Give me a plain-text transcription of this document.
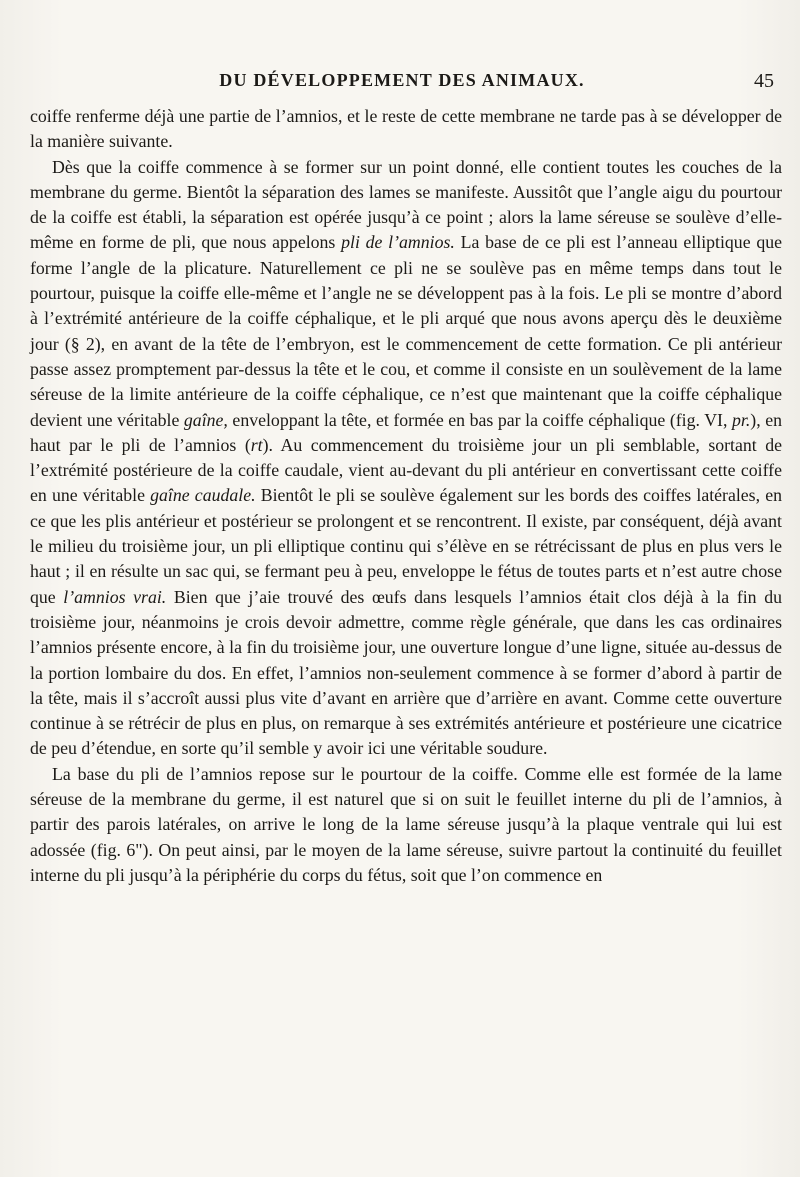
DU DÉVELOPPEMENT DES ANIMAUX.	45

coiffe renferme déjà une partie de l’amnios, et le reste de cette membrane ne tarde pas à se développer de la manière suivante.

Dès que la coiffe commence à se former sur un point donné, elle contient toutes les couches de la membrane du germe. Bientôt la séparation des lames se manifeste. Aussitôt que l’angle aigu du pourtour de la coiffe est établi, la séparation est opérée jusqu’à ce point ; alors la lame séreuse se soulève d’elle-même en forme de pli, que nous appelons pli de l’amnios. La base de ce pli est l’anneau elliptique que forme l’angle de la plicature. Naturellement ce pli ne se soulève pas en même temps dans tout le pourtour, puisque la coiffe elle-même et l’angle ne se développent pas à la fois. Le pli se montre d’abord à l’extrémité antérieure de la coiffe céphalique, et le pli arqué que nous avons aperçu dès le deuxième jour (§ 2), en avant de la tête de l’embryon, est le commencement de cette formation. Ce pli antérieur passe assez promptement par-dessus la tête et le cou, et comme il consiste en un soulèvement de la lame séreuse de la limite antérieure de la coiffe céphalique, ce n’est que maintenant que la coiffe céphalique devient une véritable gaîne, enveloppant la tête, et formée en bas par la coiffe céphalique (fig. VI, pr.), en haut par le pli de l’amnios (rt). Au commencement du troisième jour un pli semblable, sortant de l’extrémité postérieure de la coiffe caudale, vient au-devant du pli antérieur en convertissant cette coiffe en une véritable gaîne caudale. Bientôt le pli se soulève également sur les bords des coiffes latérales, en ce que les plis antérieur et postérieur se prolongent et se rencontrent. Il existe, par conséquent, déjà avant le milieu du troisième jour, un pli elliptique continu qui s’élève en se rétrécissant de plus en plus vers le haut ; il en résulte un sac qui, se fermant peu à peu, enveloppe le fétus de toutes parts et n’est autre chose que l’amnios vrai. Bien que j’aie trouvé des œufs dans lesquels l’amnios était clos déjà à la fin du troisième jour, néanmoins je crois devoir admettre, comme règle générale, que dans les cas ordinaires l’amnios présente encore, à la fin du troisième jour, une ouverture longue d’une ligne, située au-dessus de la portion lombaire du dos. En effet, l’amnios non-seulement commence à se former d’abord à partir de la tête, mais il s’accroît aussi plus vite d’avant en arrière que d’arrière en avant. Comme cette ouverture continue à se rétrécir de plus en plus, on remarque à ses extrémités antérieure et postérieure une cicatrice de peu d’étendue, en sorte qu’il semble y avoir ici une véritable soudure.

La base du pli de l’amnios repose sur le pourtour de la coiffe. Comme elle est formée de la lame séreuse de la membrane du germe, il est naturel que si on suit le feuillet interne du pli de l’amnios, à partir des parois latérales, on arrive le long de la lame séreuse jusqu’à la plaque ventrale qui lui est adossée (fig. 6"). On peut ainsi, par le moyen de la lame séreuse, suivre partout la continuité du feuillet interne du pli jusqu’à la périphérie du corps du fétus, soit que l’on commence en
